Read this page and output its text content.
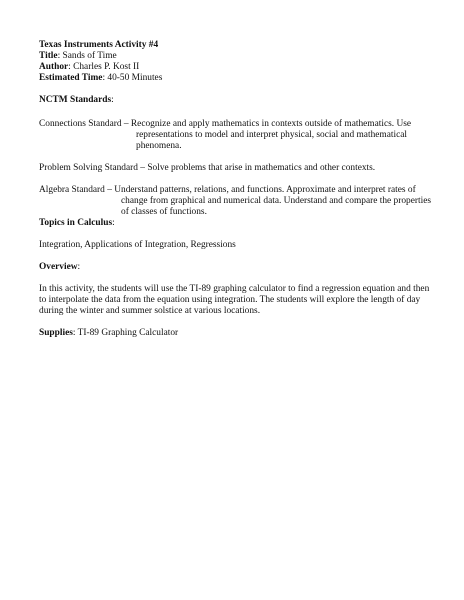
Texas Instruments Activity #4
Title: Sands of Time
Author: Charles P. Kost II
Estimated Time: 40-50 Minutes
NCTM Standards:
Connections Standard – Recognize and apply mathematics in contexts outside of mathematics. Use
representations to model and interpret physical, social and mathematical
phenomena.
Problem Solving Standard – Solve problems that arise in mathematics and other contexts.
Algebra Standard – Understand patterns, relations, and functions. Approximate and interpret rates of
change from graphical and numerical data. Understand and compare the properties
of classes of functions.
Topics in Calculus:
Integration, Applications of Integration, Regressions
Overview:
In this activity, the students will use the TI-89 graphing calculator to find a regression equation and then
to interpolate the data from the equation using integration. The students will explore the length of day
during the winter and summer solstice at various locations.
Supplies: TI-89 Graphing Calculator
